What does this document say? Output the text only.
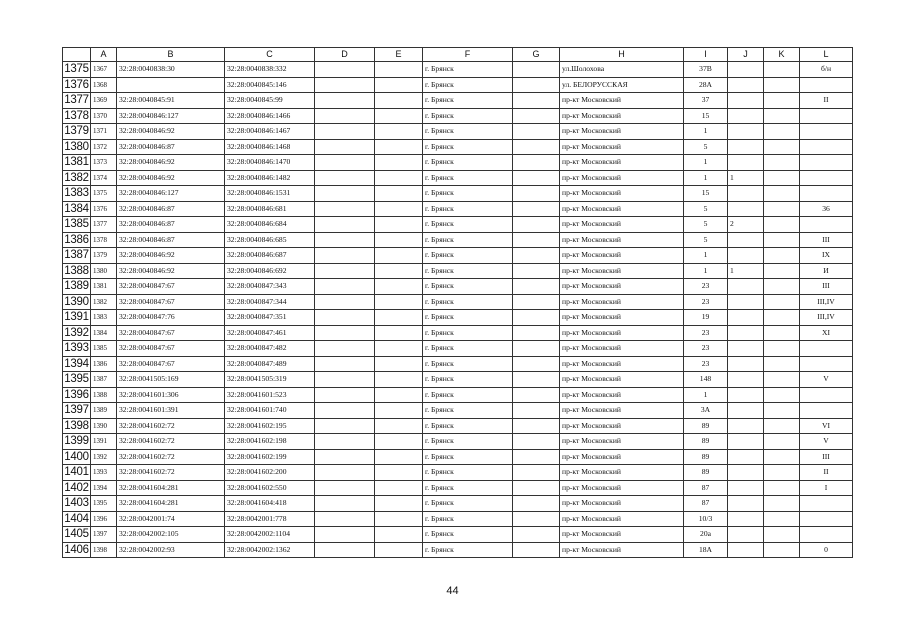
	A	B	C	D	E	F	G	H	I	J	K	L
1375	1367	32:28:0040838:30	32:28:0040838:332			г. Брянск		ул.Шолохова	37В			б/н
1376	1368		32:28:0040845:146			г. Брянск		ул. БЕЛОРУССКАЯ	28А			
1377	1369	32:28:0040845:91	32:28:0040845:99			г. Брянск		пр-кт Московский	37			II
1378	1370	32:28:0040846:127	32:28:0040846:1466			г. Брянск		пр-кт Московский	15			
1379	1371	32:28:0040846:92	32:28:0040846:1467			г. Брянск		пр-кт Московский	1			
1380	1372	32:28:0040846:87	32:28:0040846:1468			г. Брянск		пр-кт Московский	5			
1381	1373	32:28:0040846:92	32:28:0040846:1470			г. Брянск		пр-кт Московский	1			
1382	1374	32:28:0040846:92	32:28:0040846:1482			г. Брянск		пр-кт Московский	1	1		
1383	1375	32:28:0040846:127	32:28:0040846:1531			г. Брянск		пр-кт Московский	15			
1384	1376	32:28:0040846:87	32:28:0040846:681			г. Брянск		пр-кт Московский	5			36
1385	1377	32:28:0040846:87	32:28:0040846:684			г. Брянск		пр-кт Московский	5	2		
1386	1378	32:28:0040846:87	32:28:0040846:685			г. Брянск		пр-кт Московский	5			III
1387	1379	32:28:0040846:92	32:28:0040846:687			г. Брянск		пр-кт Московский	1			IX
1388	1380	32:28:0040846:92	32:28:0040846:692			г. Брянск		пр-кт Московский	1	1		И
1389	1381	32:28:0040847:67	32:28:0040847:343			г. Брянск		пр-кт Московский	23			III
1390	1382	32:28:0040847:67	32:28:0040847:344			г. Брянск		пр-кт Московский	23			III,IV
1391	1383	32:28:0040847:76	32:28:0040847:351			г. Брянск		пр-кт Московский	19			III,IV
1392	1384	32:28:0040847:67	32:28:0040847:461			г. Брянск		пр-кт Московский	23			XI
1393	1385	32:28:0040847:67	32:28:0040847:482			г. Брянск		пр-кт Московский	23			
1394	1386	32:28:0040847:67	32:28:0040847:489			г. Брянск		пр-кт Московский	23			
1395	1387	32:28:0041505:169	32:28:0041505:319			г. Брянск		пр-кт Московский	148			V
1396	1388	32:28:0041601:306	32:28:0041601:523			г. Брянск		пр-кт Московский	1			
1397	1389	32:28:0041601:391	32:28:0041601:740			г. Брянск		пр-кт Московский	3А			
1398	1390	32:28:0041602:72	32:28:0041602:195			г. Брянск		пр-кт Московский	89			VI
1399	1391	32:28:0041602:72	32:28:0041602:198			г. Брянск		пр-кт Московский	89			V
1400	1392	32:28:0041602:72	32:28:0041602:199			г. Брянск		пр-кт Московский	89			III
1401	1393	32:28:0041602:72	32:28:0041602:200			г. Брянск		пр-кт Московский	89			II
1402	1394	32:28:0041604:281	32:28:0041602:550			г. Брянск		пр-кт Московский	87			I
1403	1395	32:28:0041604:281	32:28:0041604:418			г. Брянск		пр-кт Московский	87			
1404	1396	32:28:0042001:74	32:28:0042001:778			г. Брянск		пр-кт Московский	10/3			
1405	1397	32:28:0042002:105	32:28:0042002:1104			г. Брянск		пр-кт Московский	20а			
1406	1398	32:28:0042002:93	32:28:0042002:1362			г. Брянск		пр-кт Московский	18А			0
44
